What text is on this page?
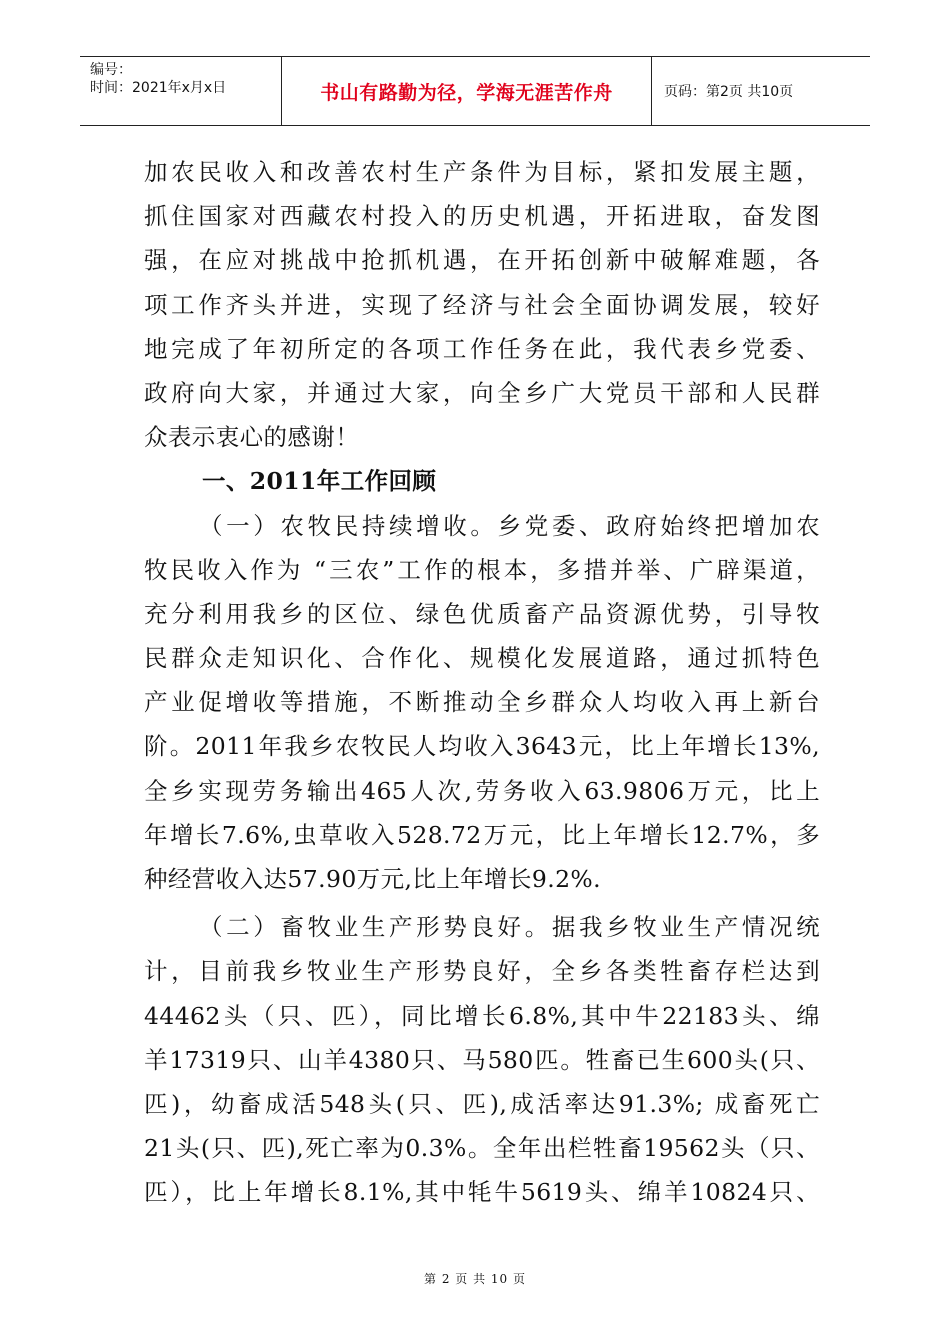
编号：
时间：2021年x月x日	书山有路勤为径，学海无涯苦作舟	页码：第2页 共10页
加农民收入和改善农村生产条件为目标，紧扣发展主题，
抓住国家对西藏农村投入的历史机遇，开拓进取，奋发图
强，在应对挑战中抢抓机遇，在开拓创新中破解难题，各
项工作齐头并进，实现了经济与社会全面协调发展，较好
地完成了年初所定的各项工作任务在此，我代表乡党委、
政府向大家，并通过大家，向全乡广大党员干部和人民群
众表示衷心的感谢！
一、2011年工作回顾
（一）农牧民持续增收。乡党委、政府始终把增加农
牧民收入作为 “三农”工作的根本，多措并举、广辟渠道，
充分利用我乡的区位、绿色优质畜产品资源优势，引导牧
民群众走知识化、合作化、规模化发展道路，通过抓特色
产业促增收等措施，不断推动全乡群众人均收入再上新台
阶。2011年我乡农牧民人均收入3643元，比上年增长13%,
全乡实现劳务输出465人次,劳务收入63.9806万元，比上
年增长7.6%,虫草收入528.72万元，比上年增长12.7%，多
种经营收入达57.90万元,比上年增长9.2%.
（二）畜牧业生产形势良好。据我乡牧业生产情况统
计，目前我乡牧业生产形势良好，全乡各类牲畜存栏达到
44462头（只、匹），同比增长6.8%,其中牛22183头、绵
羊17319只、山羊4380只、马580匹。牲畜已生600头(只、
匹)，幼畜成活548头(只、匹),成活率达91.3%; 成畜死亡
21头(只、匹),死亡率为0.3%。全年出栏牲畜19562头（只、
匹），比上年增长8.1%,其中牦牛5619头、绵羊10824只、
第 2 页 共 10 页
